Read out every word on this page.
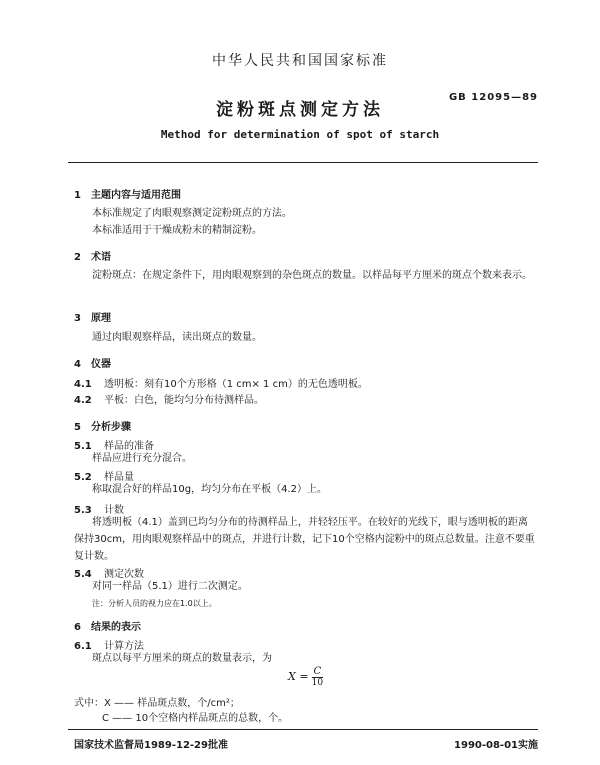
中华人民共和国国家标准
淀粉斑点测定方法
GB 12095—89
Method for determination of spot of starch
1　主题内容与适用范围
本标准规定了肉眼观察测定淀粉斑点的方法。
本标准适用于干燥成粉末的精制淀粉。
2　术语
淀粉斑点：在规定条件下，用肉眼观察到的杂色斑点的数量。以样品每平方厘米的斑点个数来表示。
3　原理
通过肉眼观察样品，读出斑点的数量。
4　仪器
4.1 透明板：刻有10个方形格（1 cm× 1 cm）的无色透明板。
4.2 平板：白色，能均匀分布待测样品。
5　分析步骤
5.1 样品的准备
样品应进行充分混合。
5.2 样品量
称取混合好的样品10g，均匀分布在平板（4.2）上。
5.3 计数
将透明板（4.1）盖到已均匀分布的待测样品上，并轻轻压平。在较好的光线下，眼与透明板的距离保持30cm，用肉眼观察样品中的斑点，并进行计数，记下10个空格内淀粉中的斑点总数量。注意不要重复计数。
5.4 测定次数
对同一样品（5.1）进行二次测定。
注：分析人员的视力应在1.0以上。
6　结果的表示
6.1 计算方法
斑点以每平方厘米的斑点的数量表示，为
$X = \frac{C}{10}$
式中：X —— 样品斑点数，个/cm²；
C —— 10个空格内样品斑点的总数，个。
国家技术监督局1989-12-29批准	1990-08-01实施
